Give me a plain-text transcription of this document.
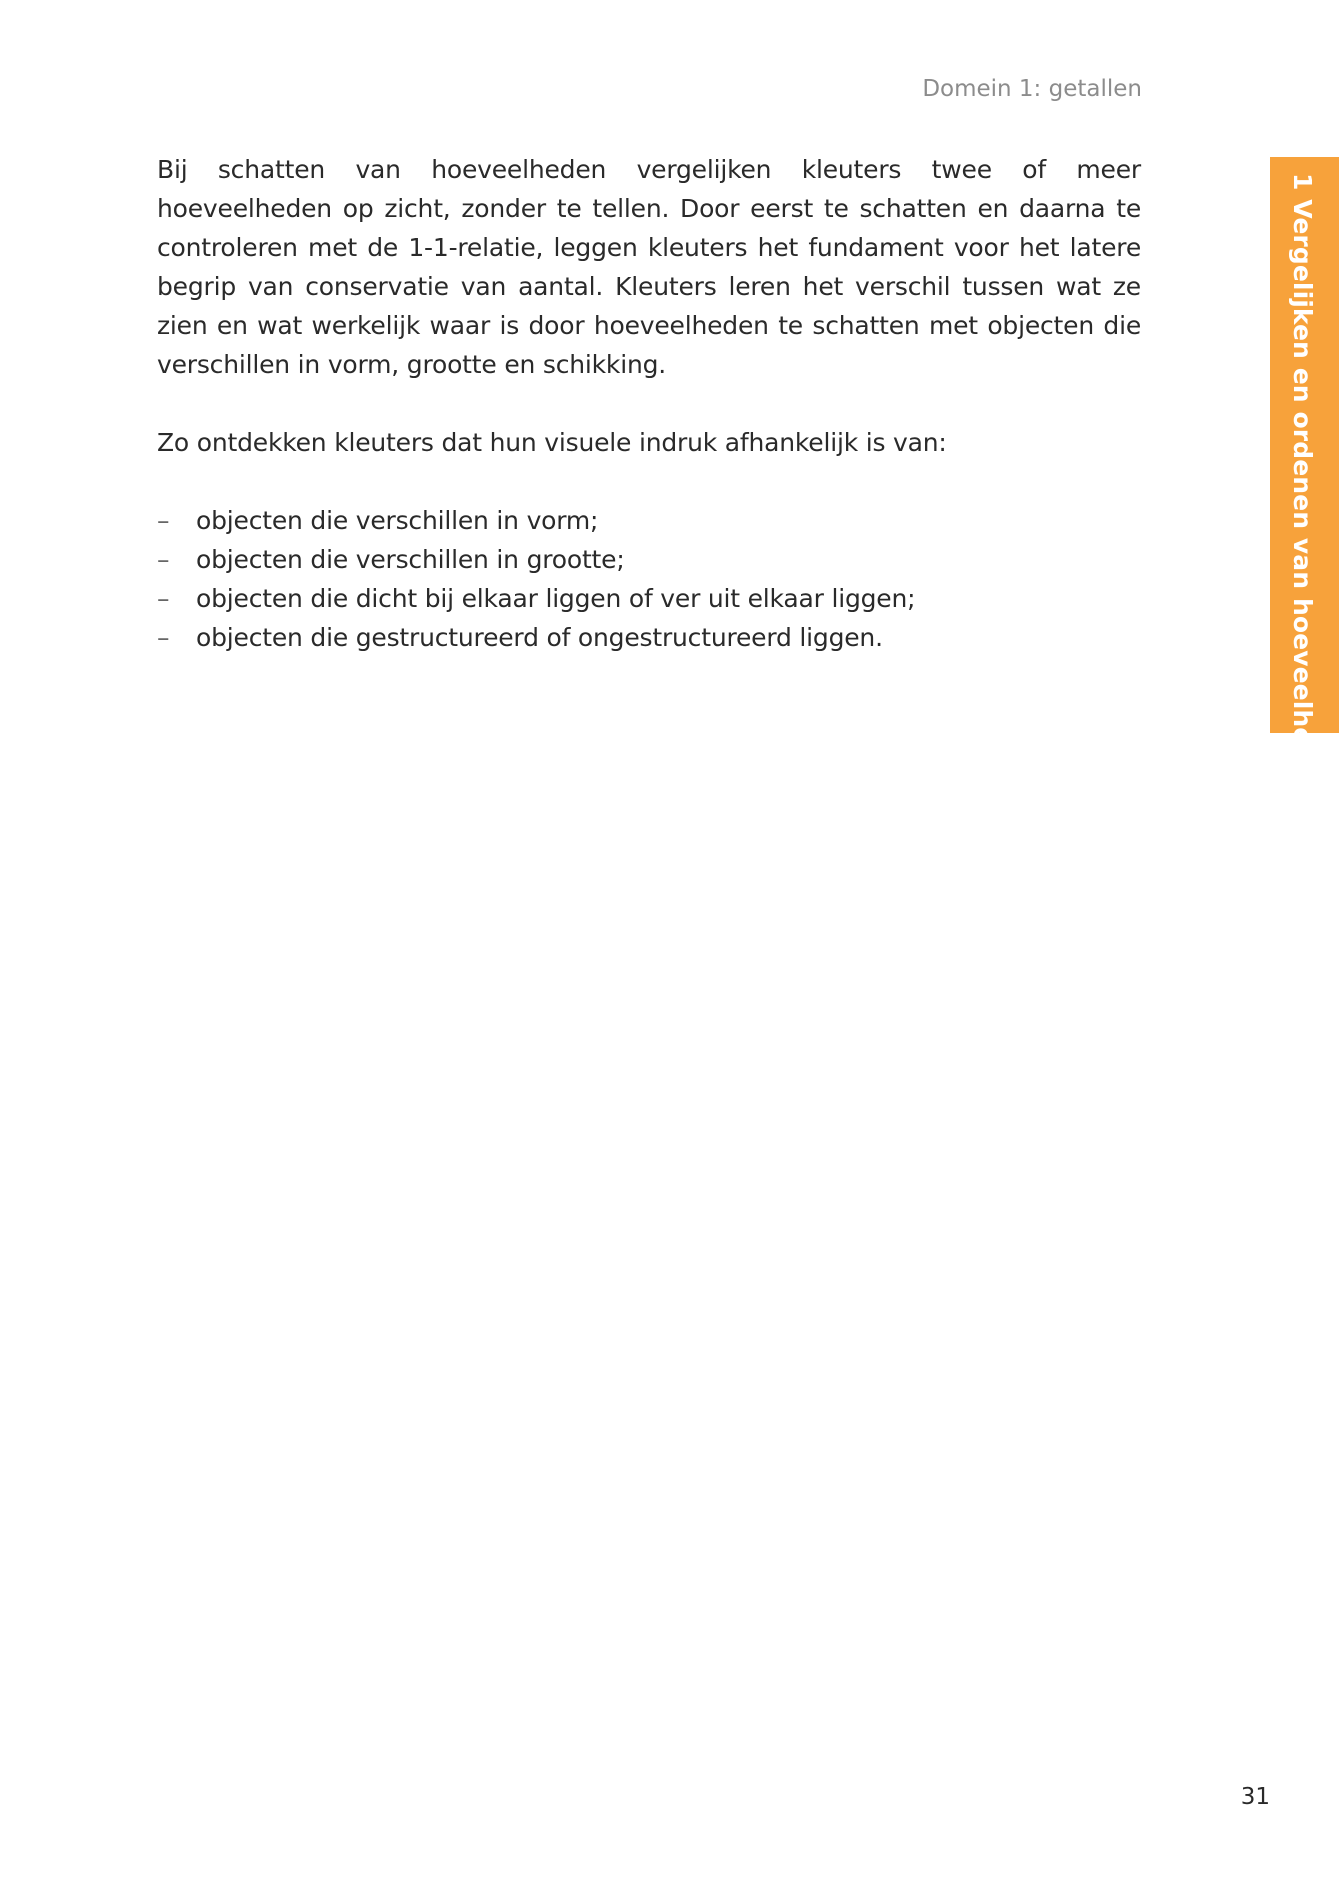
Domein 1: getallen
1 Vergelijken en ordenen van hoeveelheden

Bij schatten van hoeveelheden vergelijken kleuters twee of meer hoeveelheden op zicht, zonder te tellen. Door eerst te schatten en daarna te controleren met de 1-1-relatie, leggen kleuters het fundament voor het latere begrip van conservatie van aantal. Kleuters leren het verschil tussen wat ze zien en wat werkelijk waar is door hoeveelheden te schatten met objecten die verschillen in vorm, grootte en schikking.

Zo ontdekken kleuters dat hun visuele indruk afhankelijk is van:

– objecten die verschillen in vorm;
– objecten die verschillen in grootte;
– objecten die dicht bij elkaar liggen of ver uit elkaar liggen;
– objecten die gestructureerd of ongestructureerd liggen.
31
